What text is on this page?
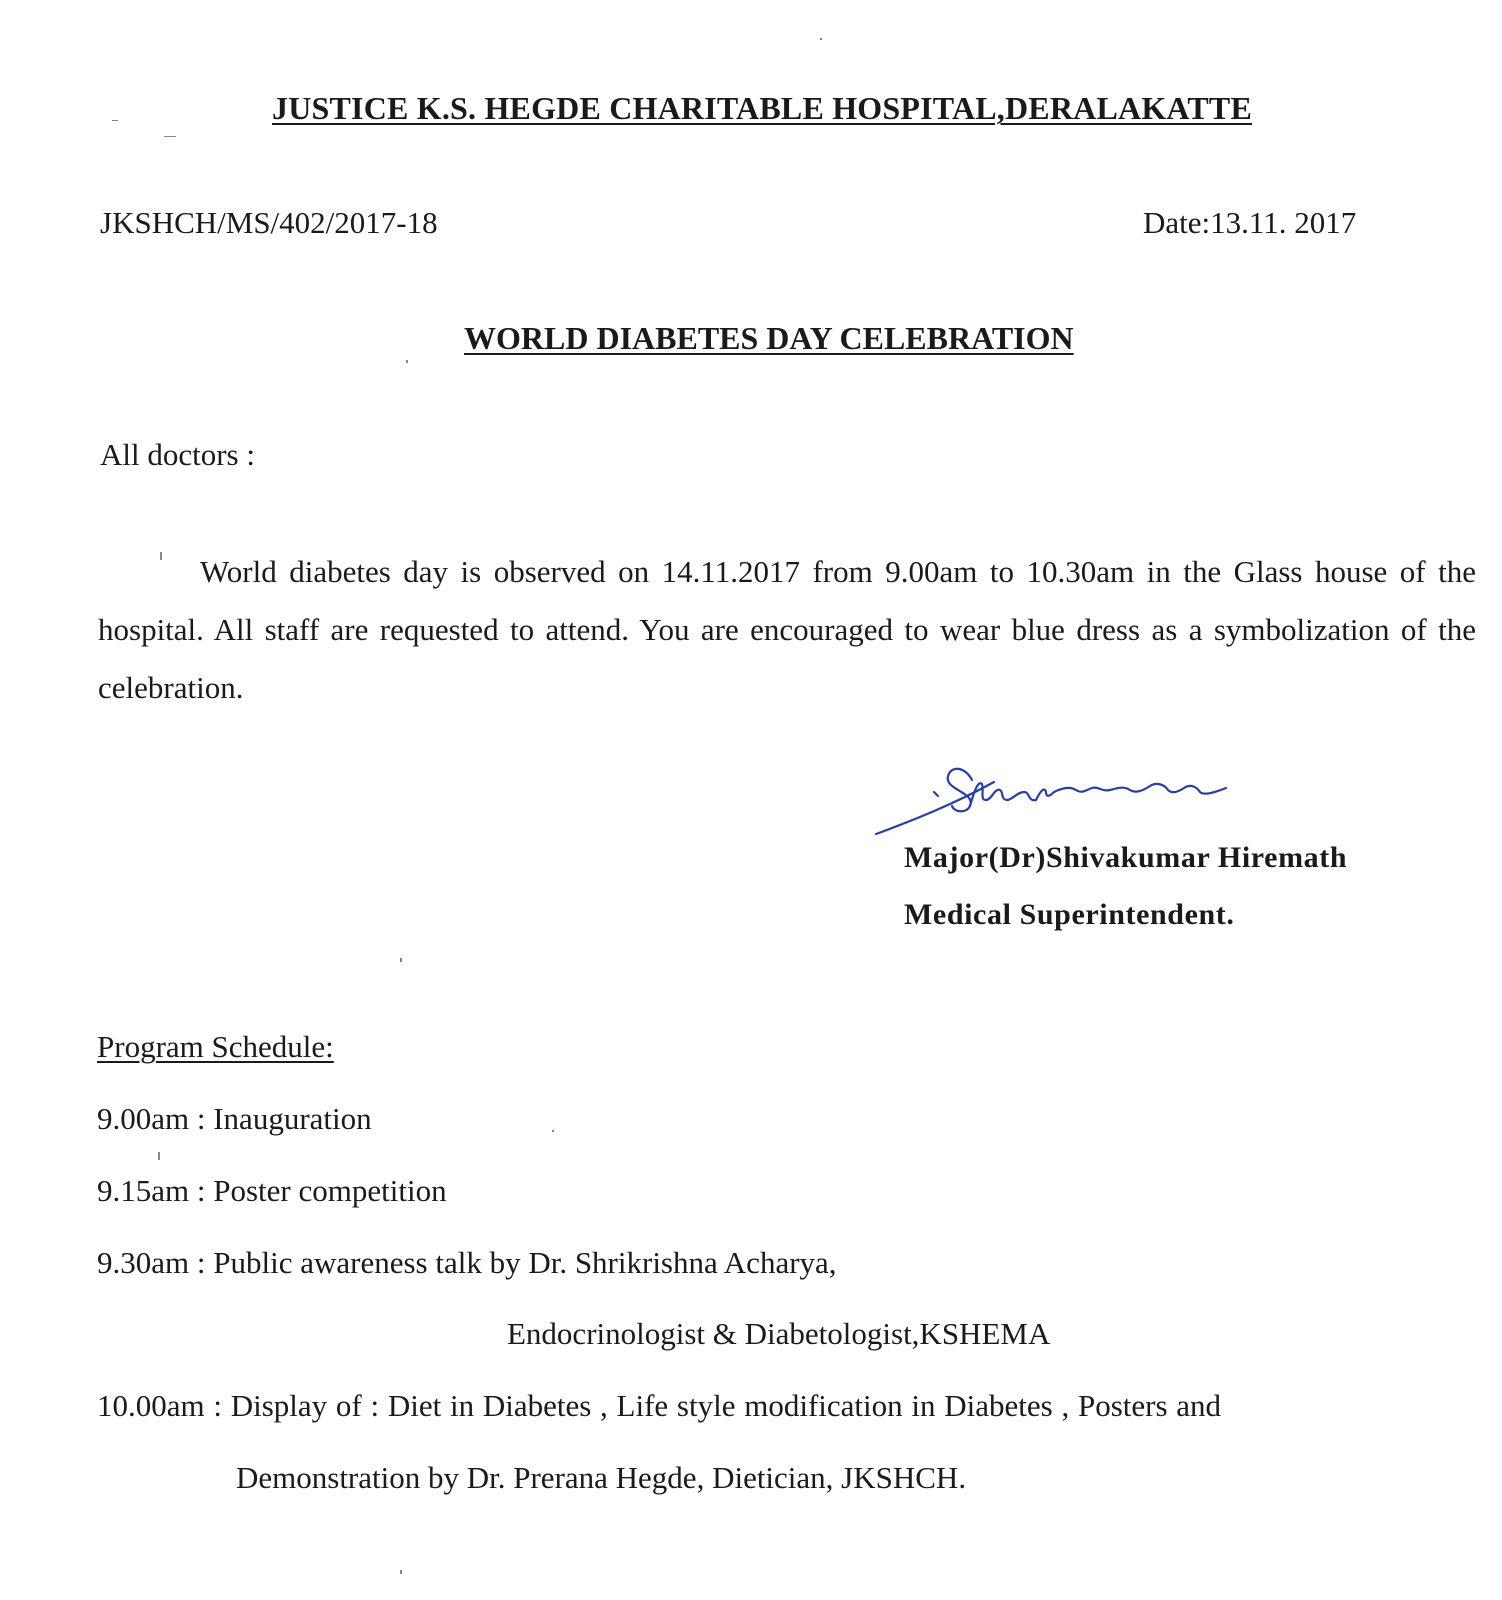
JUSTICE K.S. HEGDE CHARITABLE HOSPITAL,DERALAKATTE
JKSHCH/MS/402/2017-18	Date:13.11. 2017
WORLD DIABETES DAY CELEBRATION
All doctors :
World diabetes day is observed on 14.11.2017 from 9.00am to 10.30am in the Glass house of the hospital. All staff are requested to attend. You are encouraged to wear blue dress as a symbolization of the celebration.
Major(Dr)Shivakumar Hiremath
Medical Superintendent.
Program Schedule:
9.00am : Inauguration
9.15am : Poster competition
9.30am : Public awareness talk by Dr. Shrikrishna Acharya,
Endocrinologist & Diabetologist,KSHEMA
10.00am : Display of : Diet in Diabetes , Life style modification in Diabetes , Posters and
Demonstration by Dr. Prerana Hegde, Dietician, JKSHCH.
